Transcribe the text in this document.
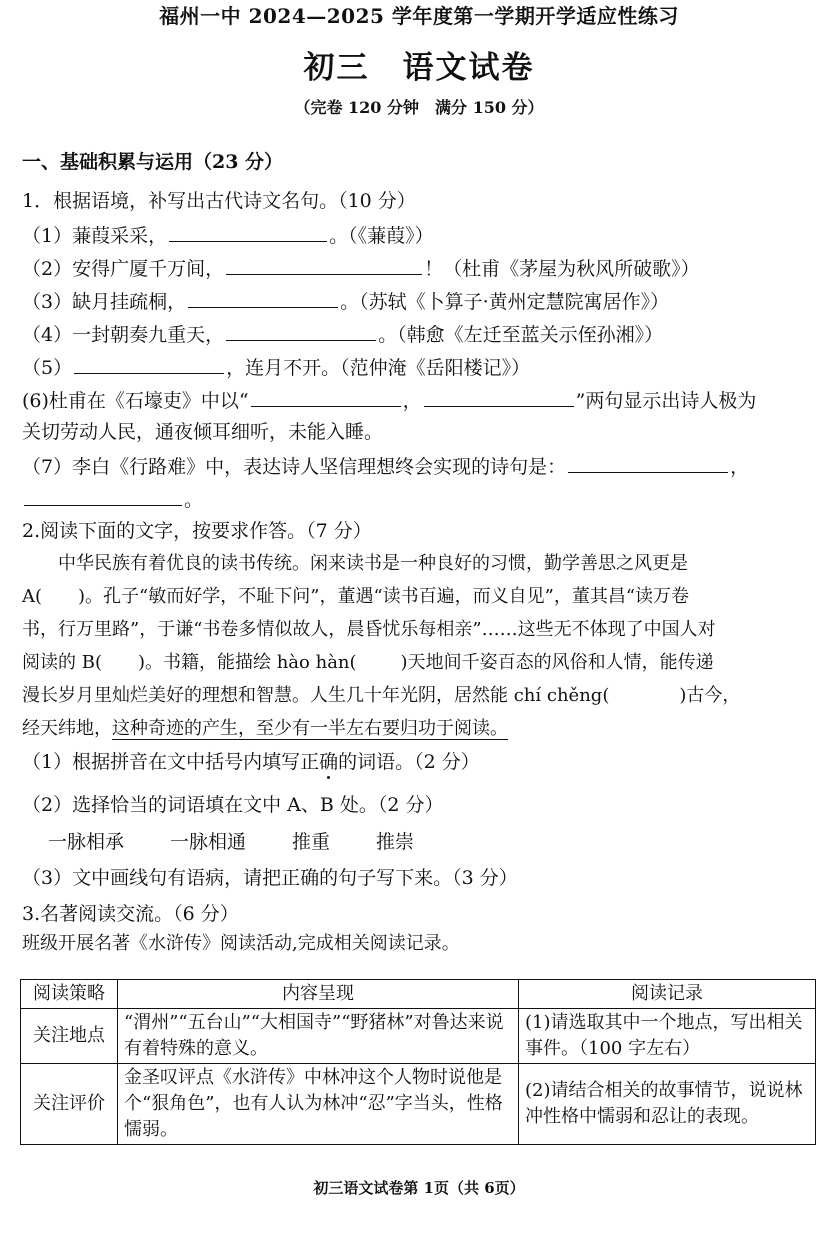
福州一中 2024—2025 学年度第一学期开学适应性练习
初三　语文试卷
（完卷 120 分钟　满分 150 分）
一、基础积累与运用（23 分）
1．根据语境，补写出古代诗文名句。（10 分）
（1）蒹葭采采，	。（《蒹葭》）
（2）安得广厦千万间，	！（杜甫《茅屋为秋风所破歌》）
（3）缺月挂疏桐，	。（苏轼《卜算子·黄州定慧院寓居作》）
（4）一封朝奏九重天，	。（韩愈《左迁至蓝关示侄孙湘》）
（5）	，连月不开。（范仲淹《岳阳楼记》）
(6)杜甫在《石壕吏》中以“	，	”两句显示出诗人极为
关切劳动人民，通夜倾耳细听，未能入睡。
（7）李白《行路难》中，表达诗人坚信理想终会实现的诗句是：	，
。
2.阅读下面的文字，按要求作答。（7 分）
中华民族有着优良的读书传统。闲来读书是一种良好的习惯，勤学善思之风更是
A(　　)。孔子“敏而好学，不耻下问”，董遇“读书百遍，而义自见”，董其昌“读万卷
书，行万里路”，于谦“书卷多情似故人，晨昏忧乐每相亲”……这些无不体现了中国人对
阅读的 B(　　)。书籍，能描绘 hào hàn( )天地间千姿百态的风俗和人情，能传递
漫长岁月里灿烂美好的理想和智慧。人生几十年光阴，居然能 chí chěng(	)古今，
经天纬地，这种奇迹的产生，至少有一半左右要归功于阅读。
（1）根据拼音在文中括号内填写正确的词语。（2 分）
（2）选择恰当的词语填在文中 A、B 处。（2 分）
一脉相承 一脉相通 推重 推崇
（3）文中画线句有语病，请把正确的句子写下来。（3 分）
3.名著阅读交流。（6 分）
班级开展名著《水浒传》阅读活动,完成相关阅读记录。
阅读策略	内容呈现	阅读记录
关注地点	“渭州”“五台山”“大相国寺”“野猪林”对鲁达来说有着特殊的意义。	(1)请选取其中一个地点，写出相关事件。（100 字左右）
关注评价	金圣叹评点《水浒传》中林冲这个人物时说他是个“狠角色”，也有人认为林冲“忍”字当头，性格懦弱。	(2)请结合相关的故事情节，说说林冲性格中懦弱和忍让的表现。
初三语文试卷第 1页（共 6页）
